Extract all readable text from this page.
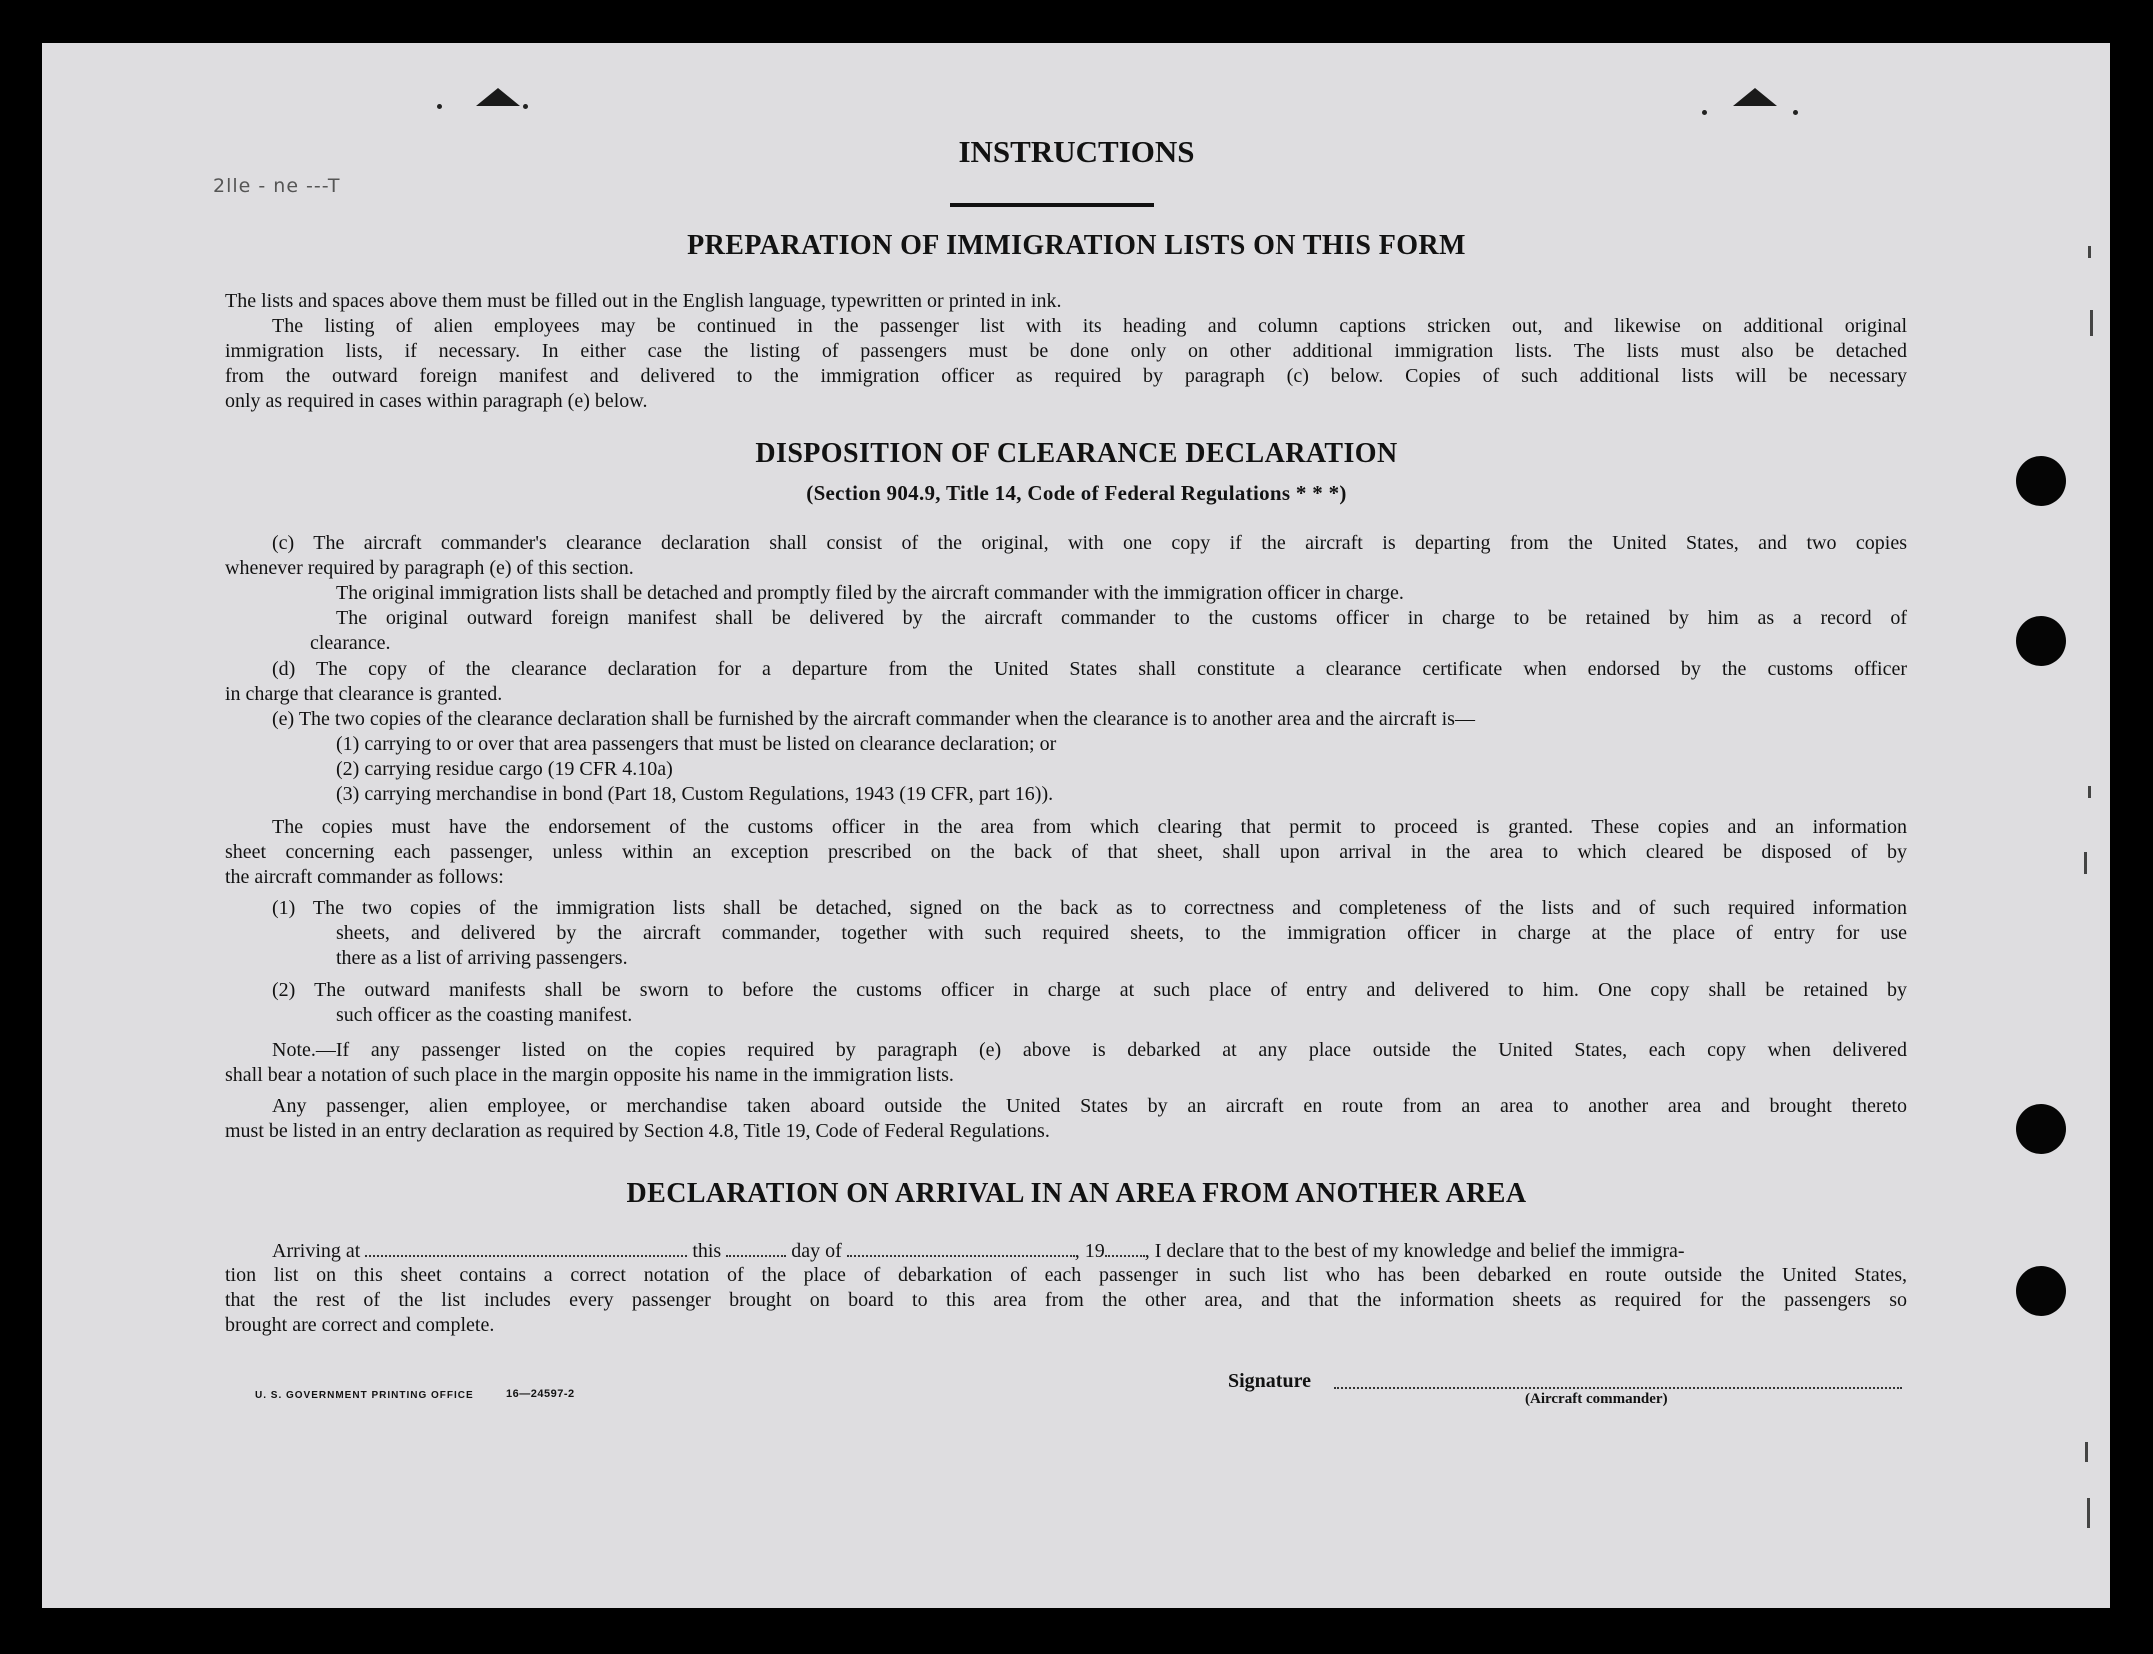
2lle - ne ---T
INSTRUCTIONS
PREPARATION OF IMMIGRATION LISTS ON THIS FORM
The lists and spaces above them must be filled out in the English language, typewritten or printed in ink.
The listing of alien employees may be continued in the passenger list with its heading and column captions stricken out, and likewise on additional original
immigration lists, if necessary. In either case the listing of passengers must be done only on other additional immigration lists. The lists must also be detached
from the outward foreign manifest and delivered to the immigration officer as required by paragraph (c) below. Copies of such additional lists will be necessary
only as required in cases within paragraph (e) below.
DISPOSITION OF CLEARANCE DECLARATION
(Section 904.9, Title 14, Code of Federal Regulations * * *)
(c) The aircraft commander's clearance declaration shall consist of the original, with one copy if the aircraft is departing from the United States, and two copies
whenever required by paragraph (e) of this section.
The original immigration lists shall be detached and promptly filed by the aircraft commander with the immigration officer in charge.
The original outward foreign manifest shall be delivered by the aircraft commander to the customs officer in charge to be retained by him as a record of
clearance.
(d) The copy of the clearance declaration for a departure from the United States shall constitute a clearance certificate when endorsed by the customs officer
in charge that clearance is granted.
(e) The two copies of the clearance declaration shall be furnished by the aircraft commander when the clearance is to another area and the aircraft is—
(1) carrying to or over that area passengers that must be listed on clearance declaration; or
(2) carrying residue cargo (19 CFR 4.10a)
(3) carrying merchandise in bond (Part 18, Custom Regulations, 1943 (19 CFR, part 16)).
The copies must have the endorsement of the customs officer in the area from which clearing that permit to proceed is granted. These copies and an information
sheet concerning each passenger, unless within an exception prescribed on the back of that sheet, shall upon arrival in the area to which cleared be disposed of by
the aircraft commander as follows:
(1) The two copies of the immigration lists shall be detached, signed on the back as to correctness and completeness of the lists and of such required information
sheets, and delivered by the aircraft commander, together with such required sheets, to the immigration officer in charge at the place of entry for use
there as a list of arriving passengers.
(2) The outward manifests shall be sworn to before the customs officer in charge at such place of entry and delivered to him. One copy shall be retained by
such officer as the coasting manifest.
Note.—If any passenger listed on the copies required by paragraph (e) above is debarked at any place outside the United States, each copy when delivered
shall bear a notation of such place in the margin opposite his name in the immigration lists.
Any passenger, alien employee, or merchandise taken aboard outside the United States by an aircraft en route from an area to another area and brought thereto
must be listed in an entry declaration as required by Section 4.8, Title 19, Code of Federal Regulations.
DECLARATION ON ARRIVAL IN AN AREA FROM ANOTHER AREA
Arriving at	this	day of	, 19 , I declare that to the best of my knowledge and belief the immigra-
tion list on this sheet contains a correct notation of the place of debarkation of each passenger in such list who has been debarked en route outside the United States,
that the rest of the list includes every passenger brought on board to this area from the other area, and that the information sheets as required for the passengers so
brought are correct and complete.
U. S. GOVERNMENT PRINTING OFFICE	16—24597-2
Signature
(Aircraft commander)
